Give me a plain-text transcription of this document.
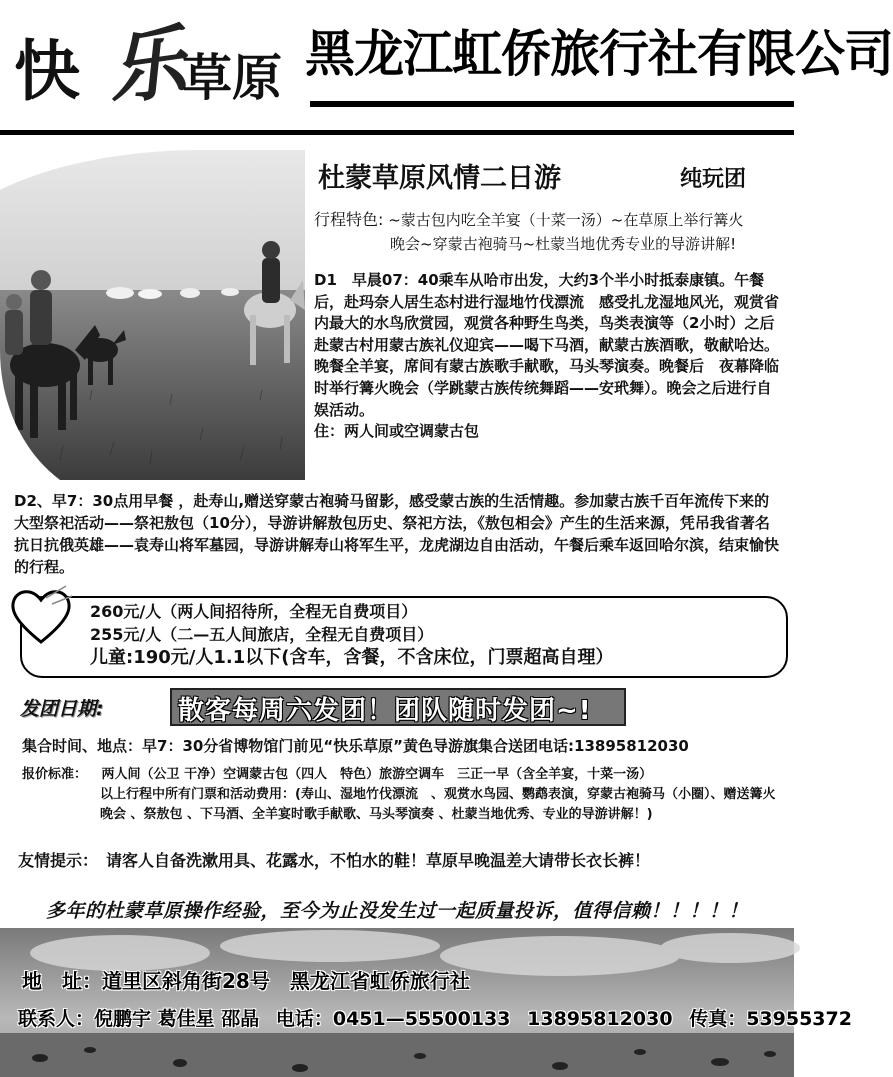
快 乐
草原 黑龙江虹侨旅行社有限公司
HEILONGJIANGHONGQIAOLVXINGSHEYOUXIANGONGSI
杜蒙草原风情二日游	纯玩团
行程特色: ~蒙古包内吃全羊宴（十菜一汤）~在草原上举行篝火
晚会~穿蒙古袍骑马~杜蒙当地优秀专业的导游讲解!
D1　早晨07：40乘车从哈市出发，大约3个半小时抵泰康镇。午餐后，赴玛奈人居生态村进行湿地竹伐漂流　感受扎龙湿地风光，观赏省内最大的水鸟欣赏园，观赏各种野生鸟类，鸟类表演等（2小时）之后赴蒙古村用蒙古族礼仪迎宾——喝下马酒，献蒙古族酒歌，敬献哈达。晚餐全羊宴，席间有蒙古族歌手献歌，马头琴演奏。晚餐后　夜幕降临时举行篝火晚会（学跳蒙古族传统舞蹈——安玳舞）。晚会之后进行自娱活动。
住：两人间或空调蒙古包
D2、早7：30点用早餐 ，赴寿山,赠送穿蒙古袍骑马留影，感受蒙古族的生活情趣。参加蒙古族千百年流传下来的大型祭祀活动——祭祀敖包（10分），导游讲解敖包历史、祭祀方法，《敖包相会》产生的生活来源，凭吊我省著名抗日抗俄英雄——袁寿山将军墓园，导游讲解寿山将军生平，龙虎湖边自由活动，午餐后乘车返回哈尔滨，结束愉快的行程。
260元/人（两人间招待所，全程无自费项目）
255元/人（二—五人间旅店，全程无自费项目）
儿童:190元/人1.1以下(含车，含餐，不含床位，门票超高自理）
发团日期:	散客每周六发团！团队随时发团~!
集合时间、地点：早7：30分省博物馆门前见“快乐草原”黄色导游旗集合送团电话:13895812030
报价标准： 两人间（公卫 干净）空调蒙古包（四人　特色）旅游空调车　三正一早（含全羊宴，十菜一汤）
以上行程中所有门票和活动费用：(寿山、湿地竹伐漂流　、观赏水鸟园、鹦鹉表演，穿蒙古袍骑马（小圈）、赠送篝火晚会 、祭敖包 、下马酒、全羊宴时歌手献歌、马头琴演奏 、杜蒙当地优秀、专业的导游讲解！)
友情提示：　请客人自备洗漱用具、花露水，不怕水的鞋！草原早晚温差大请带长衣长裤！
多年的杜蒙草原操作经验，至今为止没发生过一起质量投诉，值得信赖！！！！！
地　址：道里区斜角街28号　黑龙江省虹侨旅行社
联系人：倪鹏宇 葛佳星 邵晶 电话：0451—55500133 13895812030 传真：53955372
